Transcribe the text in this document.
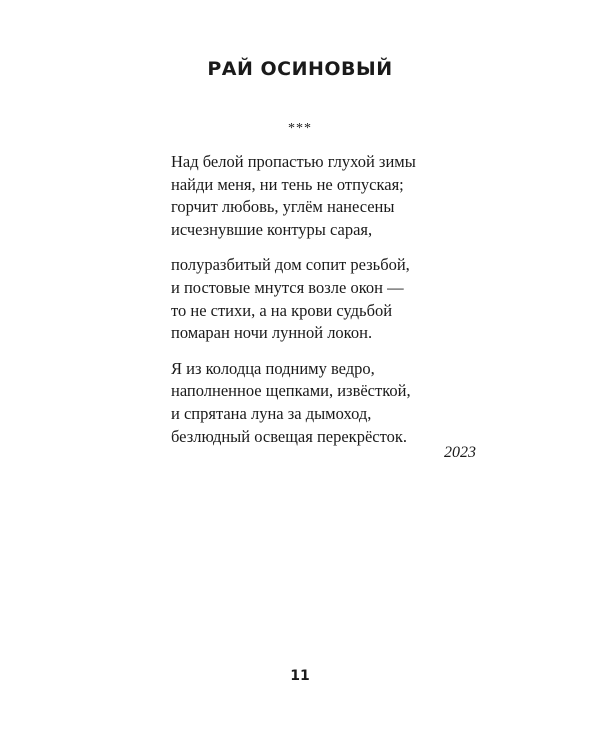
РАЙ ОСИНОВЫЙ
***
Над белой пропастью глухой зимы
найди меня, ни тень не отпуская;
горчит любовь, углём нанесены
исчезнувшие контуры сарая,
полуразбитый дом сопит резьбой,
и постовые мнутся возле окон —
то не стихи, а на крови судьбой
помаран ночи лунной локон.
Я из колодца подниму ведро,
наполненное щепками, извёсткой,
и спрятана луна за дымоход,
безлюдный освещая перекрёсток.
2023
11
